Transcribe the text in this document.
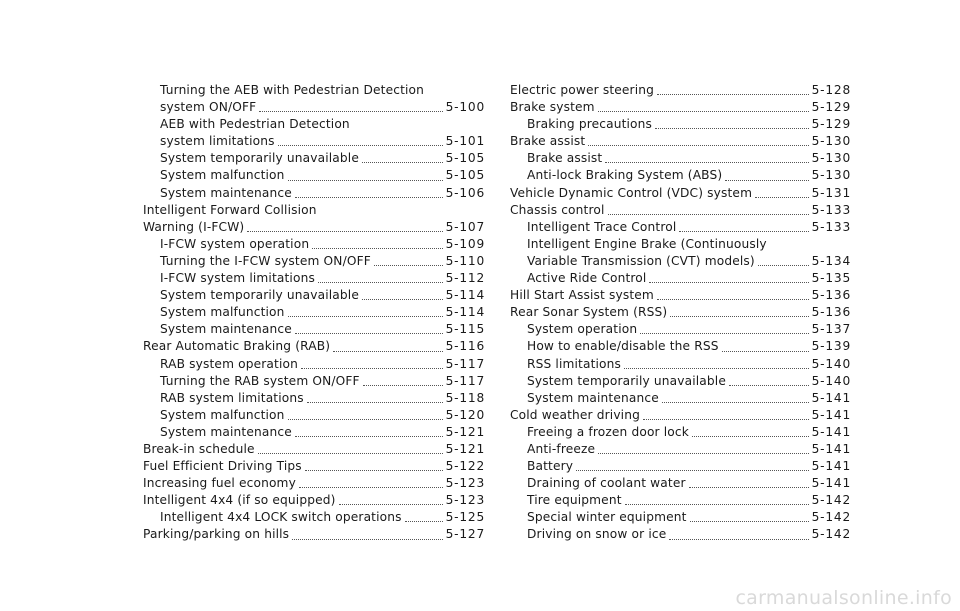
Turning the AEB with Pedestrian Detection
system ON/OFF	5-100
AEB with Pedestrian Detection
system limitations	5-101
System temporarily unavailable	5-105
System malfunction	5-105
System maintenance	5-106
Intelligent Forward Collision
Warning (I-FCW)	5-107
I-FCW system operation	5-109
Turning the I-FCW system ON/OFF	5-110
I-FCW system limitations	5-112
System temporarily unavailable	5-114
System malfunction	5-114
System maintenance	5-115
Rear Automatic Braking (RAB)	5-116
RAB system operation	5-117
Turning the RAB system ON/OFF	5-117
RAB system limitations	5-118
System malfunction	5-120
System maintenance	5-121
Break-in schedule	5-121
Fuel Efficient Driving Tips	5-122
Increasing fuel economy	5-123
Intelligent 4x4 (if so equipped)	5-123
Intelligent 4x4 LOCK switch operations	5-125
Parking/parking on hills	5-127
Electric power steering	5-128
Brake system	5-129
Braking precautions	5-129
Brake assist	5-130
Brake assist	5-130
Anti-lock Braking System (ABS)	5-130
Vehicle Dynamic Control (VDC) system	5-131
Chassis control	5-133
Intelligent Trace Control	5-133
Intelligent Engine Brake (Continuously
Variable Transmission (CVT) models)	5-134
Active Ride Control	5-135
Hill Start Assist system	5-136
Rear Sonar System (RSS)	5-136
System operation	5-137
How to enable/disable the RSS	5-139
RSS limitations	5-140
System temporarily unavailable	5-140
System maintenance	5-141
Cold weather driving	5-141
Freeing a frozen door lock	5-141
Anti-freeze	5-141
Battery	5-141
Draining of coolant water	5-141
Tire equipment	5-142
Special winter equipment	5-142
Driving on snow or ice	5-142
carmanualsonline.info
